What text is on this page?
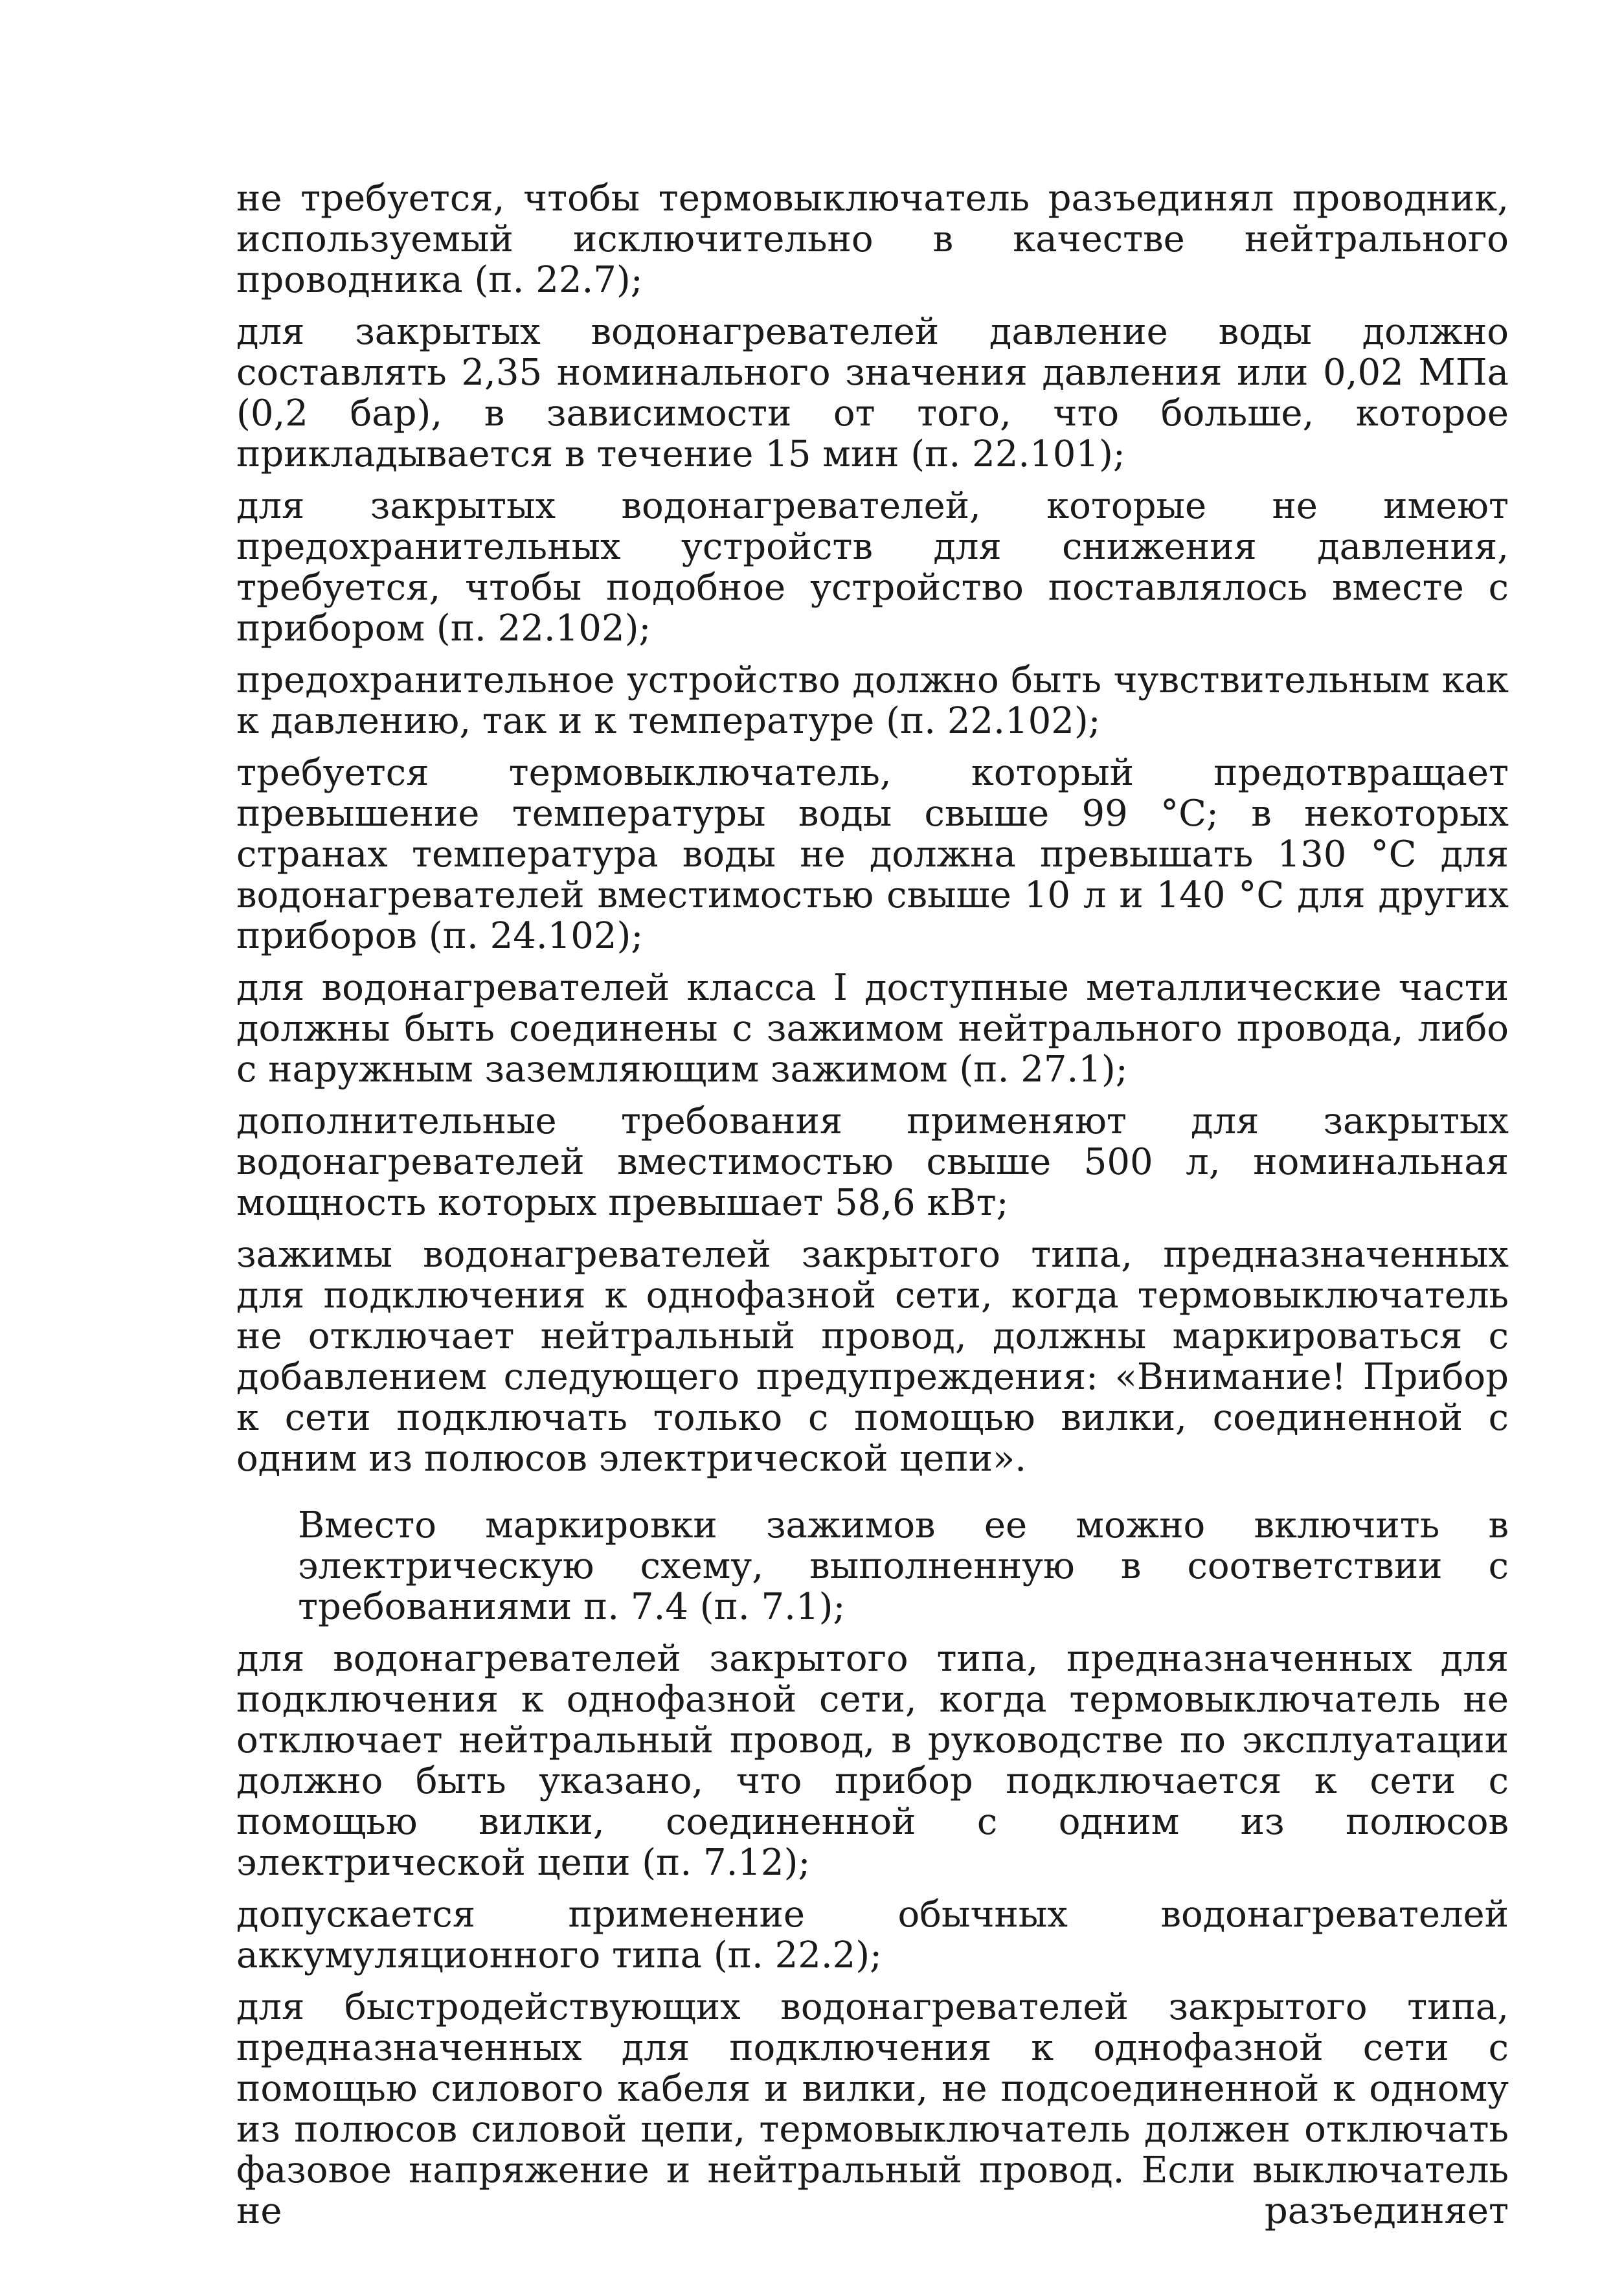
не требуется, чтобы термовыключатель разъединял проводник, используемый исключительно в качестве нейтрального проводника (п. 22.7);

для закрытых водонагревателей давление воды должно составлять 2,35 номинального значения давления или 0,02 МПа (0,2 бар), в зависимости от того, что больше, которое прикладывается в течение 15 мин (п. 22.101);

для закрытых водонагревателей, которые не имеют предохранительных устройств для снижения давления, требуется, чтобы подобное устройство поставлялось вместе с прибором (п. 22.102);

предохранительное устройство должно быть чувствительным как к давлению, так и к температуре (п. 22.102);

требуется термовыключатель, который предотвращает превышение температуры воды свыше 99 °С; в некоторых странах температура воды не должна превышать 130 °С для водонагревателей вместимостью свыше 10 л и 140 °С для других приборов (п. 24.102);

для водонагревателей класса I доступные металлические части должны быть соединены с зажимом нейтрального провода, либо с наружным заземляющим зажимом (п. 27.1);

дополнительные требования применяют для закрытых водонагревателей вместимостью свыше 500 л, номинальная мощность которых превышает 58,6 кВт;

зажимы водонагревателей закрытого типа, предназначенных для подключения к однофазной сети, когда термовыключатель не отключает нейтральный провод, должны маркироваться с добавлением следующего предупреждения: «Внимание! Прибор к сети подключать только с помощью вилки, соединенной с одним из полюсов электрической цепи».

Вместо маркировки зажимов ее можно включить в электрическую схему, выполненную в соответствии с требованиями п. 7.4 (п. 7.1);

для водонагревателей закрытого типа, предназначенных для подключения к однофазной сети, когда термовыключатель не отключает нейтральный провод, в руководстве по эксплуатации должно быть указано, что прибор подключается к сети с помощью вилки, соединенной с одним из полюсов электрической цепи (п. 7.12);

допускается применение обычных водонагревателей аккумуляционного типа (п. 22.2);

для быстродействующих водонагревателей закрытого типа, предназначенных для подключения к однофазной сети с помощью силового кабеля и вилки, не подсоединенной к одному из полюсов силовой цепи, термовыключатель должен отключать фазовое напряжение и нейтральный провод. Если выключатель не разъединяет
